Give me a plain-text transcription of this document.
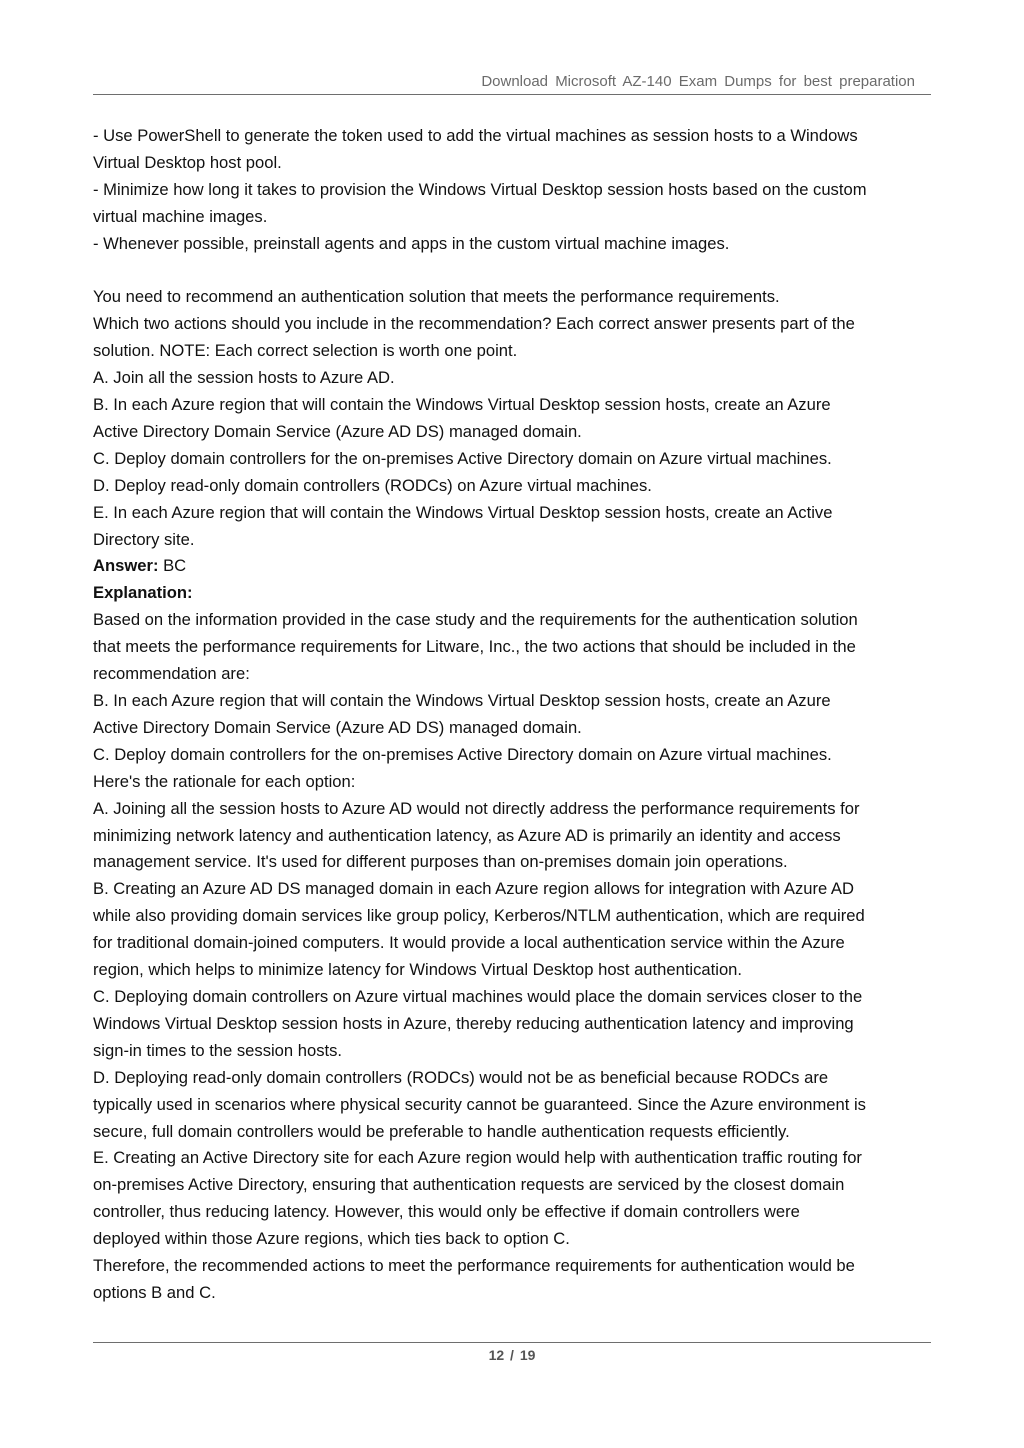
Download Microsoft AZ-140 Exam Dumps for best preparation
- Use PowerShell to generate the token used to add the virtual machines as session hosts to a Windows
Virtual Desktop host pool.
- Minimize how long it takes to provision the Windows Virtual Desktop session hosts based on the custom
virtual machine images.
- Whenever possible, preinstall agents and apps in the custom virtual machine images.
You need to recommend an authentication solution that meets the performance requirements.
Which two actions should you include in the recommendation? Each correct answer presents part of the
solution. NOTE: Each correct selection is worth one point.
A. Join all the session hosts to Azure AD.
B. In each Azure region that will contain the Windows Virtual Desktop session hosts, create an Azure
Active Directory Domain Service (Azure AD DS) managed domain.
C. Deploy domain controllers for the on-premises Active Directory domain on Azure virtual machines.
D. Deploy read-only domain controllers (RODCs) on Azure virtual machines.
E. In each Azure region that will contain the Windows Virtual Desktop session hosts, create an Active
Directory site.
Answer: BC
Explanation:
Based on the information provided in the case study and the requirements for the authentication solution
that meets the performance requirements for Litware, Inc., the two actions that should be included in the
recommendation are:
B. In each Azure region that will contain the Windows Virtual Desktop session hosts, create an Azure
Active Directory Domain Service (Azure AD DS) managed domain.
C. Deploy domain controllers for the on-premises Active Directory domain on Azure virtual machines.
Here's the rationale for each option:
A. Joining all the session hosts to Azure AD would not directly address the performance requirements for
minimizing network latency and authentication latency, as Azure AD is primarily an identity and access
management service. It's used for different purposes than on-premises domain join operations.
B. Creating an Azure AD DS managed domain in each Azure region allows for integration with Azure AD
while also providing domain services like group policy, Kerberos/NTLM authentication, which are required
for traditional domain-joined computers. It would provide a local authentication service within the Azure
region, which helps to minimize latency for Windows Virtual Desktop host authentication.
C. Deploying domain controllers on Azure virtual machines would place the domain services closer to the
Windows Virtual Desktop session hosts in Azure, thereby reducing authentication latency and improving
sign-in times to the session hosts.
D. Deploying read-only domain controllers (RODCs) would not be as beneficial because RODCs are
typically used in scenarios where physical security cannot be guaranteed. Since the Azure environment is
secure, full domain controllers would be preferable to handle authentication requests efficiently.
E. Creating an Active Directory site for each Azure region would help with authentication traffic routing for
on-premises Active Directory, ensuring that authentication requests are serviced by the closest domain
controller, thus reducing latency. However, this would only be effective if domain controllers were
deployed within those Azure regions, which ties back to option C.
Therefore, the recommended actions to meet the performance requirements for authentication would be
options B and C.
12 / 19
